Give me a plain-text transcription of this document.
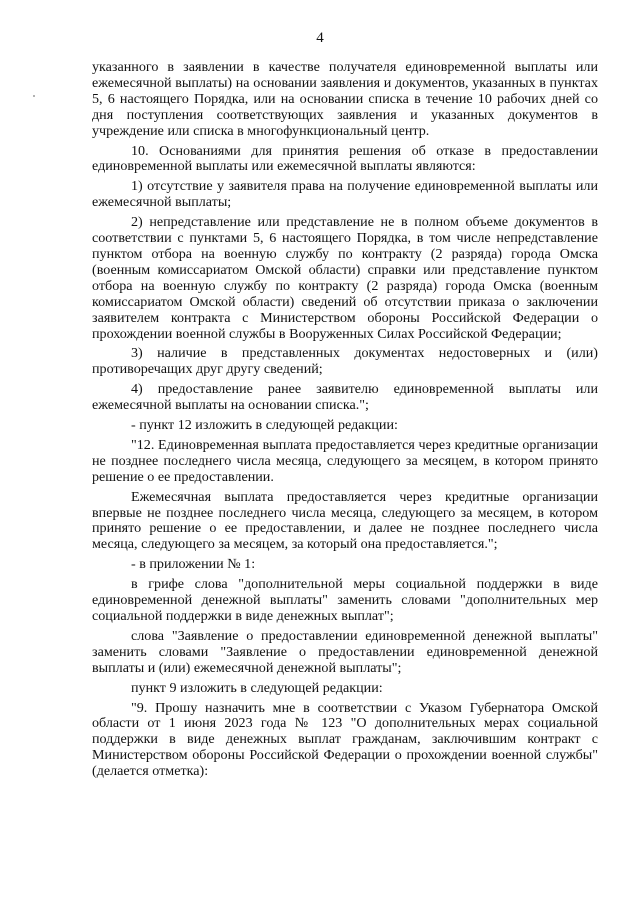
4

указанного в заявлении в качестве получателя единовременной выплаты или ежемесячной выплаты) на основании заявления и документов, указанных в пунктах 5, 6 настоящего Порядка, или на основании списка в течение 10 рабочих дней со дня поступления соответствующих заявления и указанных документов в учреждение или списка в многофункциональный центр.

10. Основаниями для принятия решения об отказе в предоставлении единовременной выплаты или ежемесячной выплаты являются:

1) отсутствие у заявителя права на получение единовременной выплаты или ежемесячной выплаты;

2) непредставление или представление не в полном объеме документов в соответствии с пунктами 5, 6 настоящего Порядка, в том числе непредставление пунктом отбора на военную службу по контракту (2 разряда) города Омска (военным комиссариатом Омской области) справки или представление пунктом отбора на военную службу по контракту (2 разряда) города Омска (военным комиссариатом Омской области) сведений об отсутствии приказа о заключении заявителем контракта с Министерством обороны Российской Федерации о прохождении военной службы в Вооруженных Силах Российской Федерации;

3) наличие в представленных документах недостоверных и (или) противоречащих друг другу сведений;

4) предоставление ранее заявителю единовременной выплаты или ежемесячной выплаты на основании списка.";

- пункт 12 изложить в следующей редакции:

"12. Единовременная выплата предоставляется через кредитные организации не позднее последнего числа месяца, следующего за месяцем, в котором принято решение о ее предоставлении.

Ежемесячная выплата предоставляется через кредитные организации впервые не позднее последнего числа месяца, следующего за месяцем, в котором принято решение о ее предоставлении, и далее не позднее последнего числа месяца, следующего за месяцем, за который она предоставляется.";

- в приложении № 1:

в грифе слова "дополнительной меры социальной поддержки в виде единовременной денежной выплаты" заменить словами "дополнительных мер социальной поддержки в виде денежных выплат";

слова "Заявление о предоставлении единовременной денежной выплаты" заменить словами "Заявление о предоставлении единовременной денежной выплаты и (или) ежемесячной денежной выплаты";

пункт 9 изложить в следующей редакции:

"9. Прошу назначить мне в соответствии с Указом Губернатора Омской области от 1 июня 2023 года № 123 "О дополнительных мерах социальной поддержки в виде денежных выплат гражданам, заключившим контракт с Министерством обороны Российской Федерации о прохождении военной службы" (делается отметка):
